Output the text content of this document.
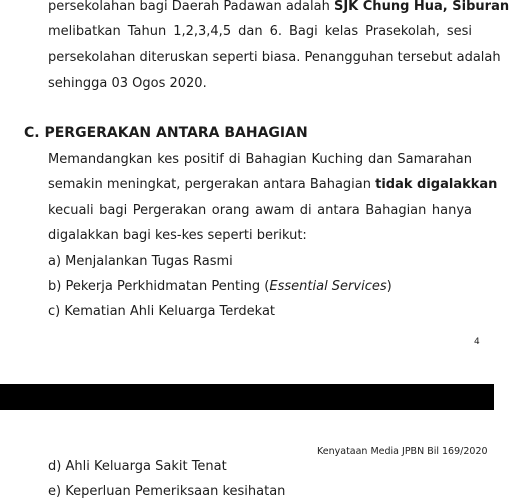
persekolahan bagi Daerah Padawan adalah SJK Chung Hua, Siburan
melibatkan Tahun 1,2,3,4,5 dan 6. Bagi kelas Prasekolah, sesi
persekolahan diteruskan seperti biasa. Penangguhan tersebut adalah
sehingga 03 Ogos 2020.
C. PERGERAKAN ANTARA BAHAGIAN
Memandangkan kes positif di Bahagian Kuching dan Samarahan
semakin meningkat, pergerakan antara Bahagian tidak digalakkan
kecuali bagi Pergerakan orang awam di antara Bahagian hanya
digalakkan bagi kes-kes seperti berikut:
a) Menjalankan Tugas Rasmi
b) Pekerja Perkhidmatan Penting (Essential Services)
c) Kematian Ahli Keluarga Terdekat
4
Kenyataan Media JPBN Bil 169/2020
d) Ahli Keluarga Sakit Tenat
e) Keperluan Pemeriksaan kesihatan
